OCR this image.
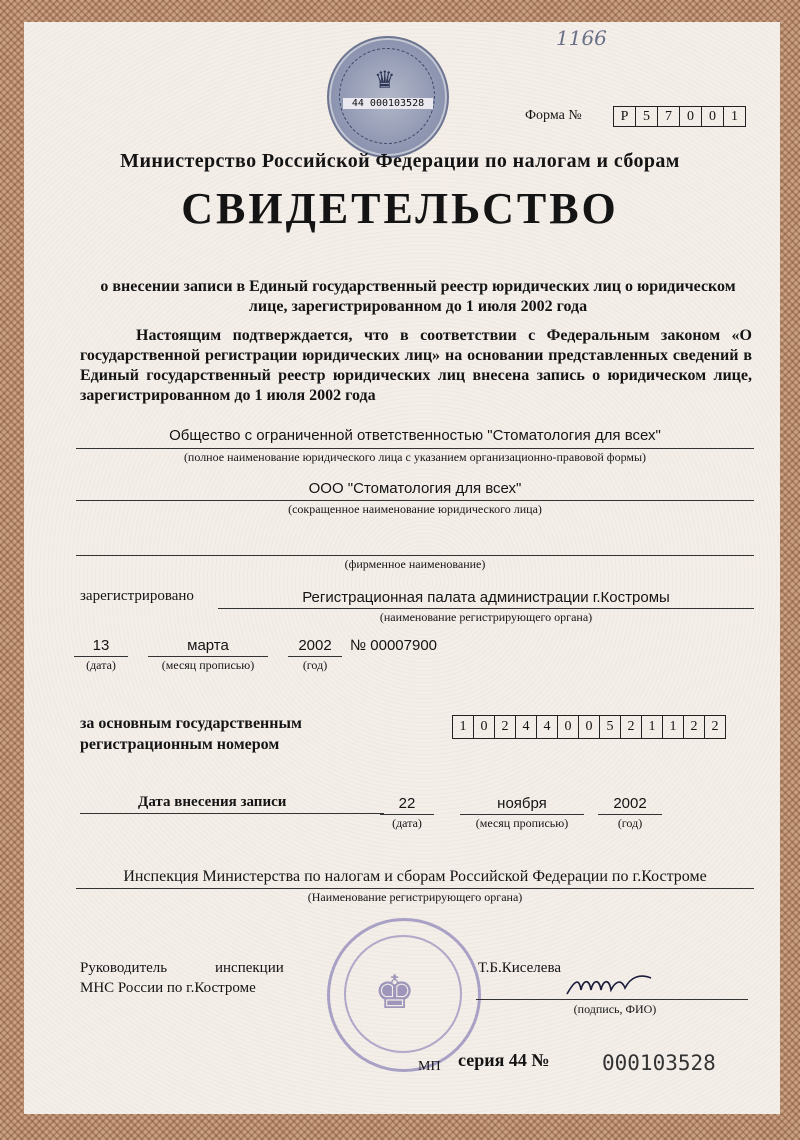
♛
44 000103528
1166
Форма №	Р	5	7	0	0	1
Министерство Российской Федерации по налогам и сборам
СВИДЕТЕЛЬСТВО
о внесении записи в Единый государственный реестр юридических лиц о юридическом лице, зарегистрированном до 1 июля 2002 года

Настоящим подтверждается, что в соответствии с Федеральным законом «О государственной регистрации юридических лиц» на основании представленных сведений в Единый государственный реестр юридических лиц внесена запись о юридическом лице, зарегистрированном до 1 июля 2002 года

Общество с ограниченной ответственностью "Стоматология для всех"
(полное наименование юридического лица с указанием организационно-правовой формы)
ООО "Стоматология для всех"
(сокращенное наименование юридического лица)
(фирменное наименование)
зарегистрировано	Регистрационная палата администрации г.Костромы
(наименование регистрирующего органа)
13
(дата)
марта
(месяц прописью)
2002
(год)
№ 00007900
за основным государственным
регистрационным номером
1	0	2	4	4	0	0	5	2	1	1	2	2
Дата внесения записи	22
(дата)
ноября
(месяц прописью)
2002
(год)
Инспекция Министерства по налогам и сборам Российской Федерации по г.Костроме
(Наименование регистрирующего органа)
♚
Руководитель	инспекции
МНС России по г.Костроме
Т.Б.Киселева
(подпись, ФИО)
МП серия 44 №	000103528
